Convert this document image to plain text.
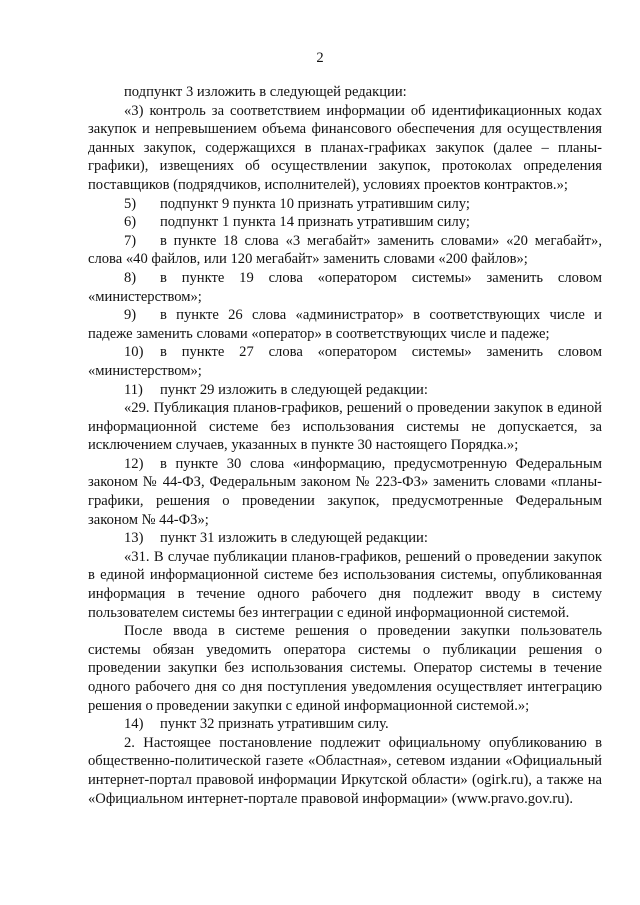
2

подпункт 3 изложить в следующей редакции:

«3) контроль за соответствием информации об идентификационных кодах закупок и непревышением объема финансового обеспечения для осуществления данных закупок, содержащихся в планах-графиках закупок (далее – планы-графики), извещениях об осуществлении закупок, протоколах определения поставщиков (подрядчиков, исполнителей), условиях проектов контрактов.»;

5) подпункт 9 пункта 10 признать утратившим силу;

6) подпункт 1 пункта 14 признать утратившим силу;

7) в пункте 18 слова «3 мегабайт» заменить словами» «20 мегабайт», слова «40 файлов, или 120 мегабайт» заменить словами «200 файлов»;

8) в пункте 19 слова «оператором системы» заменить словом «министерством»;

9) в пункте 26 слова «администратор» в соответствующих числе и падеже заменить словами «оператор» в соответствующих числе и падеже;

10) в пункте 27 слова «оператором системы» заменить словом «министерством»;

11) пункт 29 изложить в следующей редакции:

«29. Публикация планов-графиков, решений о проведении закупок в единой информационной системе без использования системы не допускается, за исключением случаев, указанных в пункте 30 настоящего Порядка.»;

12) в пункте 30 слова «информацию, предусмотренную Федеральным законом № 44-ФЗ, Федеральным законом № 223-ФЗ» заменить словами «планы-графики, решения о проведении закупок, предусмотренные Федеральным законом № 44-ФЗ»;

13) пункт 31 изложить в следующей редакции:

«31. В случае публикации планов-графиков, решений о проведении закупок в единой информационной системе без использования системы, опубликованная информация в течение одного рабочего дня подлежит вводу в систему пользователем системы без интеграции с единой информационной системой.

После ввода в системе решения о проведении закупки пользователь системы обязан уведомить оператора системы о публикации решения о проведении закупки без использования системы. Оператор системы в течение одного рабочего дня со дня поступления уведомления осуществляет интеграцию решения о проведении закупки с единой информационной системой.»;

14) пункт 32 признать утратившим силу.

2. Настоящее постановление подлежит официальному опубликованию в общественно-политической газете «Областная», сетевом издании «Официальный интернет-портал правовой информации Иркутской области» (ogirk.ru), а также на «Официальном интернет-портале правовой информации» (www.pravo.gov.ru).
